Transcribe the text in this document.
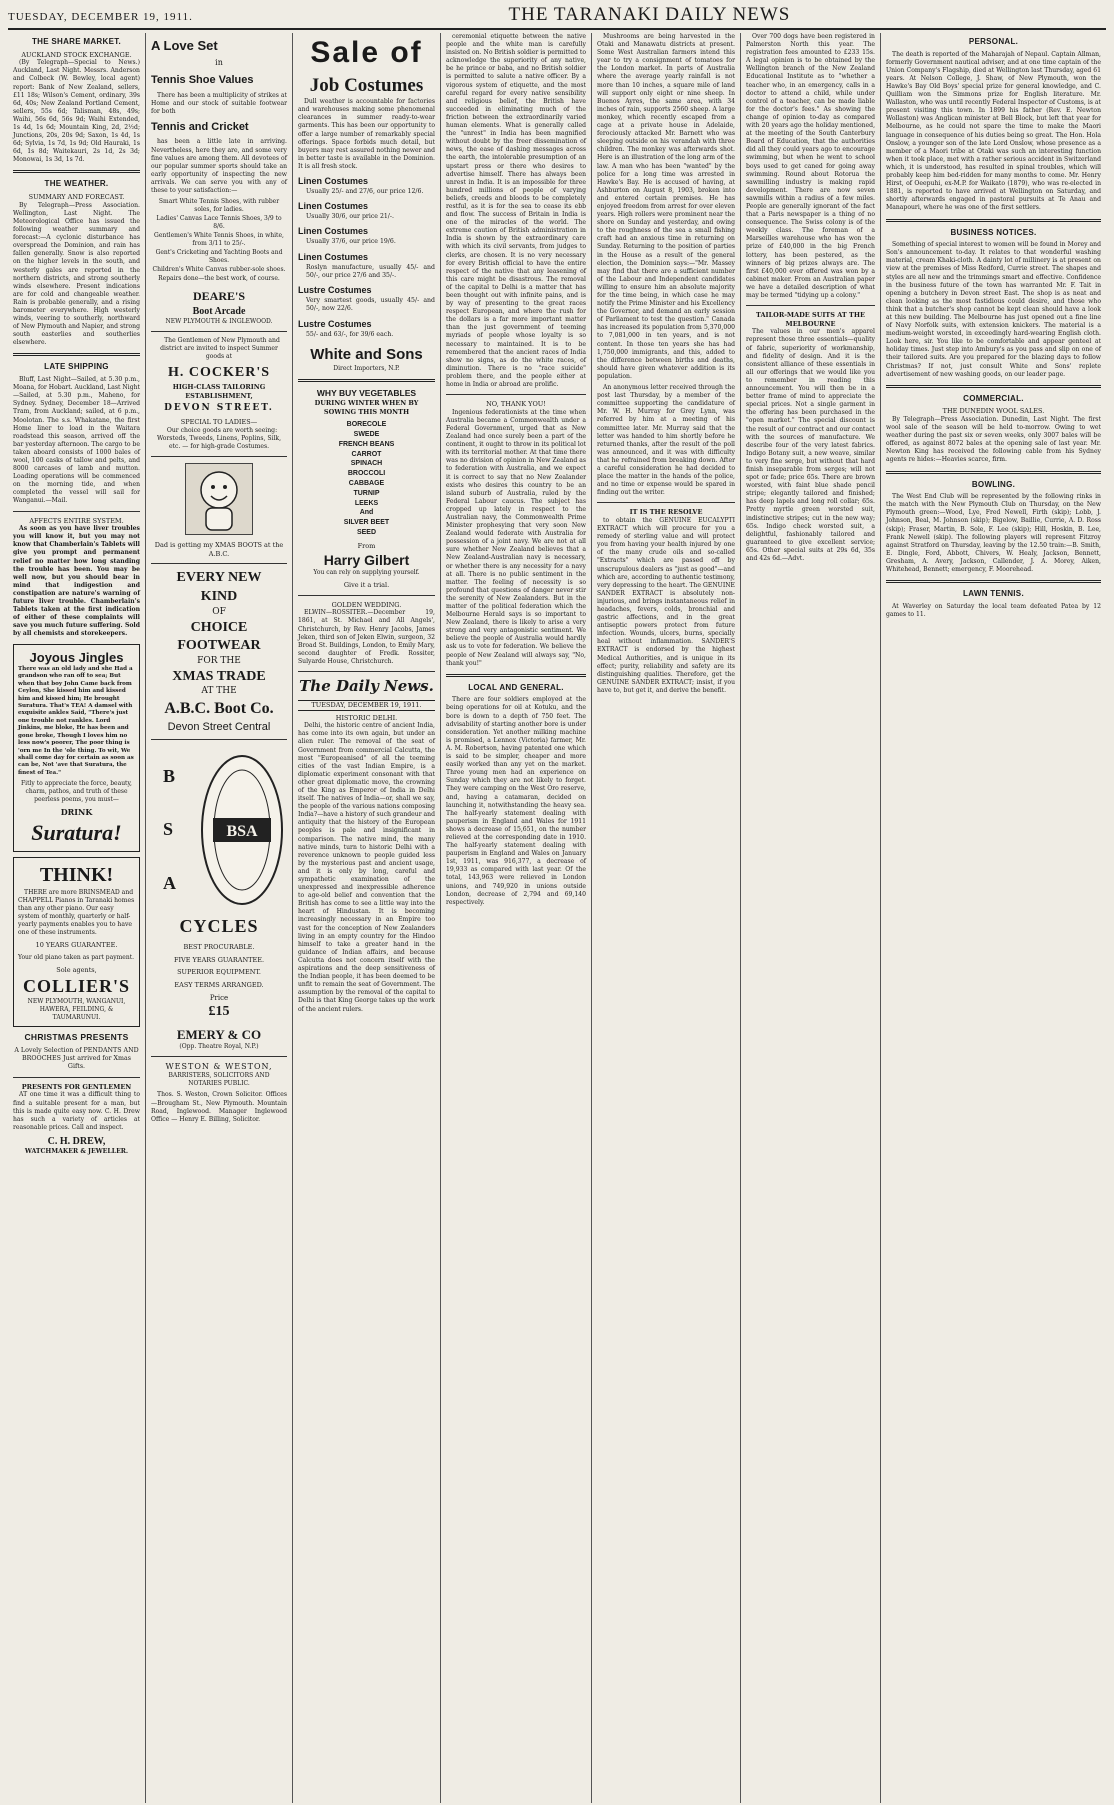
TUESDAY, DECEMBER 19, 1911.	THE TARANAKI DAILY NEWS
THE SHARE MARKET.
AUCKLAND STOCK EXCHANGE.

(By Telegraph—Special to News.) Auckland, Last Night. Messrs. Anderson and Colbeck (W. Bewley, local agent) report: Bank of New Zealand, sellers, £11 18s; Wilson's Cement, ordinary, 39s 6d, 40s; New Zealand Portland Cement, sellers, 55s 6d; Talisman, 48s, 49s; Waihi, 56s 6d, 56s 9d; Waihi Extended, 1s 4d, 1s 6d; Mountain King, 2d, 2½d; Junctions, 20s, 20s 9d; Saxon, 1s 4d, 1s 6d; Sylvia, 1s 7d, 1s 9d; Old Hauraki, 1s 6d, 1s 8d; Waitekauri, 2s 1d, 2s 3d; Monowai, 1s 3d, 1s 7d.

THE WEATHER.
SUMMARY AND FORECAST.

By Telegraph—Press Association. Wellington, Last Night. The Meteorological Office has issued the following weather summary and forecast:—A cyclonic disturbance has overspread the Dominion, and rain has fallen generally. Snow is also reported on the higher levels in the south, and westerly gales are reported in the northern districts, and strong southerly winds elsewhere. Present indications are for cold and changeable weather. Rain is probable generally, and a rising barometer everywhere. High westerly winds, veering to southerly, northward of New Plymouth and Napier, and strong south easterlies and southerlies elsewhere.

LATE SHIPPING

Bluff, Last Night—Sailed, at 5.30 p.m., Moana, for Hobart. Auckland, Last Night—Sailed, at 5.30 p.m., Maheno, for Sydney. Sydney, December 18—Arrived Tram, from Auckland; sailed, at 6 p.m., Moolotan. The s.s. Whakatane, the first Home liner to load in the Waitara roadstead this season, arrived off the bar yesterday afternoon. The cargo to be taken aboard consists of 1000 bales of wool, 100 casks of tallow and pelts, and 8000 carcases of lamb and mutton. Loading operations will be commenced on the morning tide, and when completed the vessel will sail for Wanganui.—Mail.

AFFECTS ENTIRE SYSTEM.

As soon as you have liver troubles you will know it, but you may not know that Chamberlain's Tablets will give you prompt and permanent relief no matter how long standing the trouble has been. You may be well now, but you should bear in mind that indigestion and constipation are nature's warning of future liver trouble. Chamberlain's Tablets taken at the first indication of either of these complaints will save you much future suffering. Sold by all chemists and storekeepers.

Joyous Jingles

There was an old lady and she Had a grandson who ran off to sea; But when that boy John Came back from Ceylon, She kissed him and kissed him and kissed him; He brought Suratura. That's TEA! A damsel with exquisite ankles Said, "There's just one trouble not rankles. Lord Jinkins, me bloke, He has been and gone broke, Though I loves him no less now's poorer, The poor thing is 'orn me In the 'ole thing. To wit, We shall come day for certain as soon as can be, Not 'ave that Suratura, the finest of Tea."

Fitly to appreciate the force, beauty, charm, pathos, and truth of these peerless poems, you must—

DRINK
Suratura!
THINK!

THERE are more BRINSMEAD and CHAPPELL Pianos in Taranaki homes than any other piano. Our easy system of monthly, quarterly or half-yearly payments enables you to have one of these instruments.

10 YEARS GUARANTEE.
Your old piano taken as part payment.
Sole agents,
COLLIER'S
NEW PLYMOUTH, WANGANUI, HAWERA, FEILDING, & TAUMARUNUI.
CHRISTMAS PRESENTS
A Lovely Selection of PENDANTS AND BROOCHES Just arrived for Xmas Gifts.
PRESENTS FOR GENTLEMEN

AT one time it was a difficult thing to find a suitable present for a man, but this is made quite easy now. C. H. Drew has such a variety of articles at reasonable prices. Call and inspect.

C. H. DREW,
WATCHMAKER & JEWELLER.
A Love Set
in
Tennis Shoe Values

There has been a multiplicity of strikes at Home and our stock of suitable footwear for both

Tennis and Cricket

has been a little late in arriving. Nevertheless, here they are, and some very fine values are among them. All devotees of our popular summer sports should take an early opportunity of inspecting the new arrivals. We can serve you with any of these to your satisfaction:—

Smart White Tennis Shoes, with rubber soles, for ladies.
Ladies' Canvas Lace Tennis Shoes, 3/9 to 8/6.
Gentlemen's White Tennis Shoes, in white, from 3/11 to 25/-.
Gent's Cricketing and Yachting Boots and Shoes.
Children's White Canvas rubber-sole shoes.
Repairs done—the best work, of course.
DEARE'S
Boot Arcade
NEW PLYMOUTH & INGLEWOOD.

The Gentlemen of New Plymouth and district are invited to inspect Summer goods at

H. COCKER'S
HIGH-CLASS TAILORING ESTABLISHMENT,
DEVON STREET.
SPECIAL TO LADIES—

Our choice goods are worth seeing: Worsteds, Tweeds, Linens, Poplins, Silk, etc. — for high-grade Costumes.

Dad is getting my XMAS BOOTS at the A.B.C.
EVERY NEW
KIND
OF
CHOICE
FOOTWEAR
FOR THE
XMAS TRADE
AT THE
A.B.C. Boot Co.
Devon Street Central
B
S
A
BSA
CYCLES
BEST PROCURABLE.
FIVE YEARS GUARANTEE.
SUPERIOR EQUIPMENT.
EASY TERMS ARRANGED.
Price
£15
EMERY & CO
(Opp. Theatre Royal, N.P.)
WESTON & WESTON,
BARRISTERS, SOLICITORS AND NOTARIES PUBLIC.

Thos. S. Weston, Crown Solicitor. Offices—Brougham St., New Plymouth. Mountain Road, Inglewood. Manager Inglewood Office — Henry E. Billing, Solicitor.

Sale of
Job Costumes

Dull weather is accountable for factories and warehouses making some phenomenal clearances in summer ready-to-wear garments. This has been our opportunity to offer a large number of remarkably special offerings. Space forbids much detail, but buyers may rest assured nothing newer and in better taste is available in the Dominion. It is all fresh stock.

Linen Costumes
Usually 25/- and 27/6, our price 12/6.
Linen Costumes
Usually 30/6, our price 21/-.
Linen Costumes
Usually 37/6, our price 19/6.
Linen Costumes
Roslyn manufacture, usually 45/- and 50/-, our price 27/6 and 35/-.
Lustre Costumes
Very smartest goods, usually 45/- and 50/-, now 22/6.
Lustre Costumes
55/- and 63/-, for 39/6 each.
White and Sons
Direct Importers, N.P.
WHY BUY VEGETABLES
DURING WINTER WHEN BY SOWING THIS MONTH
BORECOLE
SWEDE
FRENCH BEANS
CARROT
SPINACH
BROCCOLI
CABBAGE
TURNIP
LEEKS
And
SILVER BEET
SEED
From
Harry Gilbert
You can rely on supplying yourself.
Give it a trial.
GOLDEN WEDDING.

ELWIN—ROSSITER.—December 19, 1861, at St. Michael and All Angels', Christchurch, by Rev. Henry Jacobs, James Jeken, third son of Jeken Elwin, surgeon, 32 Broad St. Buildings, London, to Emily Mary, second daughter of Fredk. Rossiter, Sulyarde House, Christchurch.

The Daily News.
TUESDAY, DECEMBER 19, 1911.
HISTORIC DELHI.

Delhi, the historic centre of ancient India, has come into its own again, but under an alien ruler. The removal of the seat of Government from commercial Calcutta, the most "Europeanised" of all the teeming cities of the vast Indian Empire, is a diplomatic experiment consonant with that other great diplomatic move, the crowning of the King as Emperor of India in Delhi itself. The natives of India—or, shall we say, the people of the various nations composing India?—have a history of such grandeur and antiquity that the history of the European peoples is pale and insignificant in comparison. The native mind, the many native minds, turn to historic Delhi with a reverence unknown to people guided less by the mysterious past and ancient usage, and it is only by long, careful and sympathetic examination of the unexpressed and inexpressible adherence to age-old belief and convention that the British has come to see a little way into the heart of Hindustan. It is becoming increasingly necessary in an Empire too vast for the conception of New Zealanders living in an empty country for the Hindoo himself to take a greater hand in the guidance of Indian affairs, and because Calcutta does not concern itself with the aspirations and the deep sensitiveness of the Indian people, it has been deemed to be unfit to remain the seat of Government. The assumption by the removal of the capital to Delhi is that King George takes up the work of the ancient rulers.

ceremonial etiquette between the native people and the white man is carefully insisted on. No British soldier is permitted to acknowledge the superiority of any native, be he prince or baba, and no British soldier is permitted to salute a native officer. By a vigorous system of etiquette, and the most careful regard for every native sensibility and religious belief, the British have succeeded in eliminating much of the friction between the extraordinarily varied human elements. What is generally called the "unrest" in India has been magnified without doubt by the freer dissemination of news, the ease of dashing messages across the earth, the intolerable presumption of an upstart press or there who desires to advertise himself. There has always been unrest in India. It is an impossible for three hundred millions of people of varying beliefs, creeds and bloods to be completely restful, as it is for the sea to cease its ebb and flow. The success of Britain in India is one of the miracles of the world. The extreme caution of British administration in India is shown by the extraordinary care with which its civil servants, from judges to clerks, are chosen. It is no very necessary for every British official to have the entire respect of the native that any leasening of this care might be disastrous. The removal of the capital to Delhi is a matter that has been thought out with infinite pains, and is by way of presenting to the great races respect European, and where the rush for the dollars is a far more important matter than the just government of teeming myriads of people whose loyalty is so necessary to maintained. It is to be remembered that the ancient races of India show no signs, as do the white races, of diminution. There is no "race suicide" problem there, and the people either at home in India or abroad are prolific.

NO, THANK YOU!

Ingenious federationists at the time when Australia became a Commonwealth under a Federal Government, urged that as New Zealand had once surely been a part of the continent, it ought to throw in its political lot with its territorial mother. At that time there was no division of opinion in New Zealand as to federation with Australia, and we expect it is correct to say that no New Zealander exists who desires this country to be an island suburb of Australia, ruled by the Federal Labour caucus. The subject has cropped up lately in respect to the Australian navy, the Commonwealth Prime Minister prophesying that very soon New Zealand would federate with Australia for possession of a joint navy. We are not at all sure whether New Zealand believes that a New Zealand-Australian navy is necessary, or whether there is any necessity for a navy at all. There is no public sentiment in the matter. The feeling of necessity is so profound that questions of danger never stir the serenity of New Zealanders. But in the matter of the political federation which the Melbourne Herald says is so important to New Zealand, there is likely to arise a very strong and very antagonistic sentiment. We believe the people of Australia would hardly ask us to vote for federation. We believe the people of New Zealand will always say, "No, thank you!"

LOCAL AND GENERAL.

There are four soldiers employed at the being operations for oil at Kotuku, and the bore is down to a depth of 750 feet. The advisability of starting another bore is under consideration. Yet another milking machine is promised, a Lennox (Victoria) farmer, Mr. A. M. Robertson, having patented one which is said to be simpler, cheaper and more easily worked than any yet on the market. Three young men had an experience on Sunday which they are not likely to forget. They were camping on the West Oro reserve, and, having a catamaran, decided on launching it, notwithstanding the heavy sea. The half-yearly statement dealing with pauperism in England and Wales for 1911 shows a decrease of 15,651, on the number relieved at the corresponding date in 1910. The half-yearly statement dealing with pauperism in England and Wales on January 1st, 1911, was 916,377, a decrease of 19,933 as compared with last year. Of the total, 143,963 were relieved in London unions, and 749,920 in unions outside London, decrease of 2,794 and 69,140 respectively.

Mushrooms are being harvested in the Otaki and Manawatu districts at present. Some West Australian farmers intend this year to try a consignment of tomatoes for the London market. In parts of Australia where the average yearly rainfall is not more than 10 inches, a square mile of land will support only eight or nine sheep. In Buenos Ayres, the same area, with 34 inches of rain, supports 2560 sheep. A large monkey, which recently escaped from a cage at a private house in Adelaide, ferociously attacked Mr. Barnett who was sleeping outside on his verandah with three children. The monkey was afterwards shot. Here is an illustration of the long arm of the law. A man who has been "wanted" by the police for a long time was arrested in Hawke's Bay. He is accused of having, at Ashburton on August 8, 1903, broken into and entered certain premises. He has enjoyed freedom from arrest for over eleven years. High rollers were prominent near the shore on Sunday and yesterday, and owing to the roughness of the sea a small fishing craft had an anxious time in returning on Sunday. Returning to the position of parties in the House as a result of the general election, the Dominion says:—"Mr. Massey may find that there are a sufficient number of the Labour and Independent candidates willing to ensure him an absolute majority for the time being, in which case he may notify the Prime Minister and his Excellency the Governor, and demand an early session of Parliament to test the question." Canada has increased its population from 5,370,000 to 7,081,000 in ten years, and is not content. In those ten years she has had 1,750,000 immigrants, and this, added to the difference between births and deaths, should have given whatever addition is its population.

An anonymous letter received through the post last Thursday, by a member of the committee supporting the candidature of Mr. W. H. Murray for Grey Lynn, was referred by him at a meeting of his committee later. Mr. Murray said that the letter was handed to him shortly before he returned thanks, after the result of the poll was announced, and it was with difficulty that he refrained from breaking down. After a careful consideration he had decided to place the matter in the hands of the police, and no time or expense would be spared in finding out the writer.

IT IS THE RESOLVE

to obtain the GENUINE EUCALYPTI EXTRACT which will procure for you a remedy of sterling value and will protect you from having your health injured by one of the many crude oils and so-called "Extracts" which are passed off by unscrupulous dealers as "just as good"—and which are, according to authentic testimony, very depressing to the heart. The GENUINE SANDER EXTRACT is absolutely non-injurious, and brings instantaneous relief in headaches, fevers, colds, bronchial and gastric affections, and in the great antiseptic powers protect from future infection. Wounds, ulcers, burns, specially heal without inflammation. SANDER'S EXTRACT is endorsed by the highest Medical Authorities, and is unique in its effect; purity, reliability and safety are its distinguishing qualities. Therefore, get the GENUINE SANDER EXTRACT; insist, if you have to, but get it, and derive the benefit.

Over 700 dogs have been registered in Palmerston North this year. The registration fees amounted to £233 15s. A legal opinion is to be obtained by the Wellington branch of the New Zealand Educational Institute as to "whether a teacher who, in an emergency, calls in a doctor to attend a child, while under control of a teacher, can be made liable for the doctor's fees." As showing the change of opinion to-day as compared with 20 years ago the holiday mentioned, at the meeting of the South Canterbury Board of Education, that the authorities did all they could years ago to encourage swimming, but when he went to school boys used to get caned for going away swimming. Round about Rotorua the sawmilling industry is making rapid development. There are now seven sawmills within a radius of a few miles. People are generally ignorant of the fact that a Paris newspaper is a thing of no consequence. The Swiss colony is of the weekly class. The foreman of a Marseilles warehouse who has won the prize of £40,000 in the big French lottery, has been pestered, as the winners of big prizes always are. The first £40,000 ever offered was won by a cabinet maker. From an Australian paper we have a detailed description of what may be termed "tidying up a colony."

TAILOR-MADE SUITS AT THE MELBOURNE

The values in our men's apparel represent those three essentials—quality of fabric, superiority of workmanship, and fidelity of design. And it is the consistent alliance of these essentials in all our offerings that we would like you to remember in reading this announcement. You will then be in a better frame of mind to appreciate the special prices. Not a single garment in the offering has been purchased in the "open market." The special discount is the result of our contract and our contact with the sources of manufacture. We describe four of the very latest fabrics. Indigo Botany suit, a new weave, similar to very fine serge, but without that hard finish inseparable from serges; will not spot or fade; price 65s. There are brown worsted, with faint blue shade pencil stripe; elegantly tailored and finished; has deep lapels and long roll collar; 65s. Pretty myrtle green worsted suit, indistinctive stripes; cut in the new way; 65s. Indigo check worsted suit, a delightful, fashionably tailored and guaranteed to give excellent service; 65s. Other special suits at 29s 6d, 35s and 42s 6d.—Advt.

PERSONAL.

The death is reported of the Maharajah of Nepaul. Captain Allman, formerly Government nautical adviser, and at one time captain of the Union Company's Flagship, died at Wellington last Thursday, aged 61 years. At Nelson College, J. Shaw, of New Plymouth, won the Hawke's Bay Old Boys' special prize for general knowledge, and C. Quilliam won the Simmons prize for English literature. Mr. Wallaston, who was until recently Federal Inspector of Customs, is at present visiting this town. In 1899 his father (Rev. E. Newton Wollaston) was Anglican minister at Bell Block, but left that year for Melbourne, as he could not spare the time to make the Maori language in consequence of his duties being so great. The Hon. Hola Onslow, a younger son of the late Lord Onslow, whose presence as a member of a Maori tribe at Otaki was such an interesting function when it took place, met with a rather serious accident in Switzerland which, it is understood, has resulted in spinal troubles, which will probably keep him bed-ridden for many months to come. Mr. Henry Hirst, of Oeepuhi, ex-M.P. for Waikato (1879), who was re-elected in 1881, is reported to have arrived at Wellington on Saturday, and shortly afterwards engaged in pastoral pursuits at Te Anau and Manapouri, where he was one of the first settlers.

BUSINESS NOTICES.

Something of special interest to women will be found in Morey and Son's announcement to-day. It relates to that wonderful washing material, cream Khaki-cloth. A dainty lot of millinery is at present on view at the premises of Miss Redford, Currie street. The shapes and styles are all new and the trimmings smart and effective. Confidence in the business future of the town has warranted Mr. F. Tait in opening a butchery in Devon street East. The shop is as neat and clean looking as the most fastidious could desire, and those who think that a butcher's shop cannot be kept clean should have a look at this new building. The Melbourne has just opened out a fine line of Navy Norfolk suits, with extension knickers. The material is a medium-weight worsted, in exceedingly hard-wearing English cloth. Look here, sir. You like to be comfortable and appear genteel at holiday times. Just step into Ambury's as you pass and slip on one of their tailored suits. Are you prepared for the blazing days to follow Christmas? If not, just consult White and Sons' replete advertisement of new washing goods, on our leader page.

COMMERCIAL.
THE DUNEDIN WOOL SALES.

By Telegraph—Press Association. Dunedin, Last Night. The first wool sale of the season will be held to-morrow. Owing to wet weather during the past six or seven weeks, only 3007 bales will be offered, as against 8072 bales at the opening sale of last year. Mr. Newton King has received the following cable from his Sydney agents re hides:—Heavies scarce, firm.

BOWLING.

The West End Club will be represented by the following rinks in the match with the New Plymouth Club on Thursday, on the New Plymouth green:—Wood, Lye, Fred Newell, Firth (skip); Lobb, J. Johnson, Beal, M. Johnson (skip); Bigelow, Baillie, Currie, A. D. Ross (skip); Fraser, Martin, B. Sole, F. Lee (skip); Hill, Hoskin, B. Lee, Frank Newell (skip). The following players will represent Fitzroy against Stratford on Thursday, leaving by the 12.50 train:—B. Smith, E. Dingle, Ford, Abbott, Chivers, W. Healy, Jackson, Bennett, Gresham, A. Avery, Jackson, Callender, J. A. Morey, Aiken, Whitehead, Bennett; emergency, F. Moorehead.

LAWN TENNIS.

At Waverley on Saturday the local team defeated Patea by 12 games to 11.
